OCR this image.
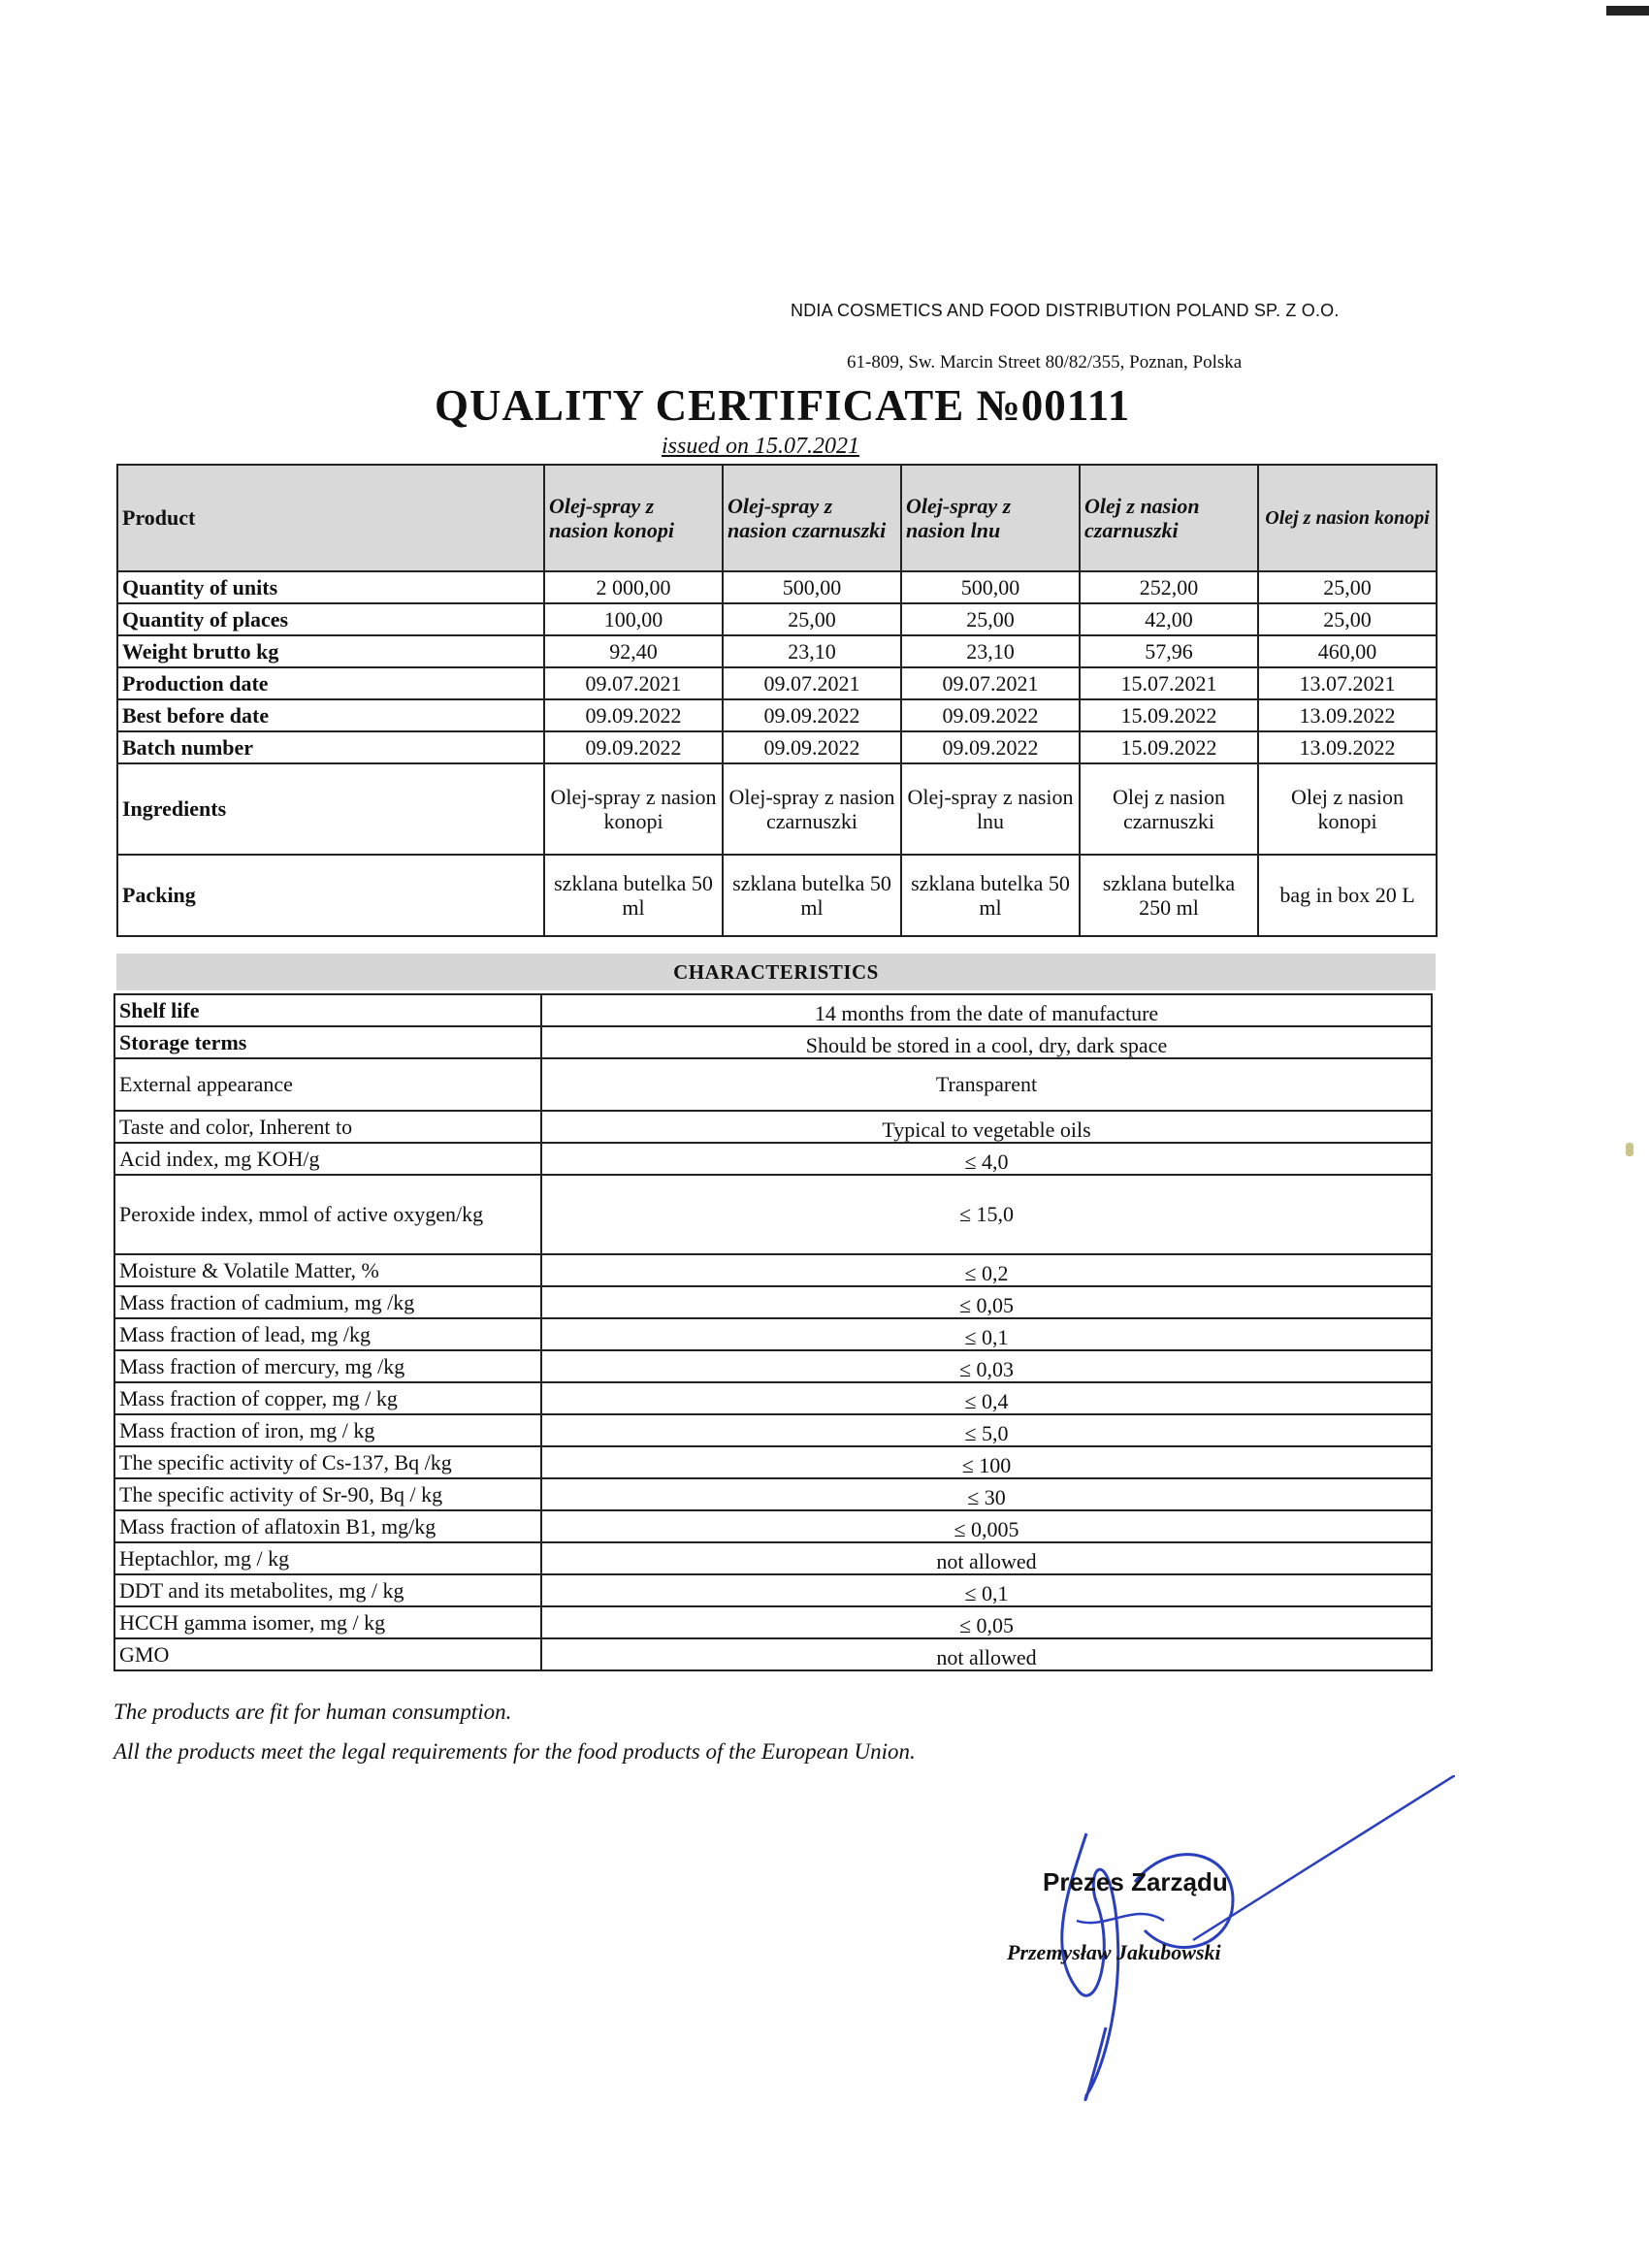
NDIA COSMETICS AND FOOD DISTRIBUTION POLAND SP. Z O.O.
61-809, Sw. Marcin Street 80/82/355, Poznan, Polska
QUALITY CERTIFICATE №00111
issued on 15.07.2021
Product	Olej-spray z nasion konopi	Olej-spray z nasion czarnuszki	Olej-spray z nasion lnu	Olej z nasion czarnuszki	Olej z nasion konopi
Quantity of units	2 000,00	500,00	500,00	252,00	25,00
Quantity of places	100,00	25,00	25,00	42,00	25,00
Weight brutto kg	92,40	23,10	23,10	57,96	460,00
Production date	09.07.2021	09.07.2021	09.07.2021	15.07.2021	13.07.2021
Best before date	09.09.2022	09.09.2022	09.09.2022	15.09.2022	13.09.2022
Batch number	09.09.2022	09.09.2022	09.09.2022	15.09.2022	13.09.2022
Ingredients	Olej-spray z nasion konopi	Olej-spray z nasion czarnuszki	Olej-spray z nasion lnu	Olej z nasion czarnuszki	Olej z nasion konopi
Packing	szklana butelka 50 ml	szklana butelka 50 ml	szklana butelka 50 ml	szklana butelka 250 ml	bag in box 20 L
CHARACTERISTICS
Shelf life	14 months from the date of manufacture
Storage terms	Should be stored in a cool, dry, dark space
External appearance	Transparent
Taste and color, Inherent to	Typical to vegetable oils
Acid index, mg KOH/g	≤ 4,0
Peroxide index, mmol of active oxygen/kg	≤ 15,0
Moisture & Volatile Matter, %	≤ 0,2
Mass fraction of cadmium, mg /kg	≤ 0,05
Mass fraction of lead, mg /kg	≤ 0,1
Mass fraction of mercury, mg /kg	≤ 0,03
Mass fraction of copper, mg / kg	≤ 0,4
Mass fraction of iron, mg / kg	≤ 5,0
The specific activity of Cs-137, Bq /kg	≤ 100
The specific activity of Sr-90, Bq / kg	≤ 30
Mass fraction of aflatoxin B1, mg/kg	≤ 0,005
Heptachlor, mg / kg	not allowed
DDT and its metabolites, mg / kg	≤ 0,1
HCCH gamma isomer, mg / kg	≤ 0,05
GMO	not allowed
The products are fit for human consumption.
All the products meet the legal requirements for the food products of the European Union.
Prezes Zarządu
Przemysław Jakubowski
